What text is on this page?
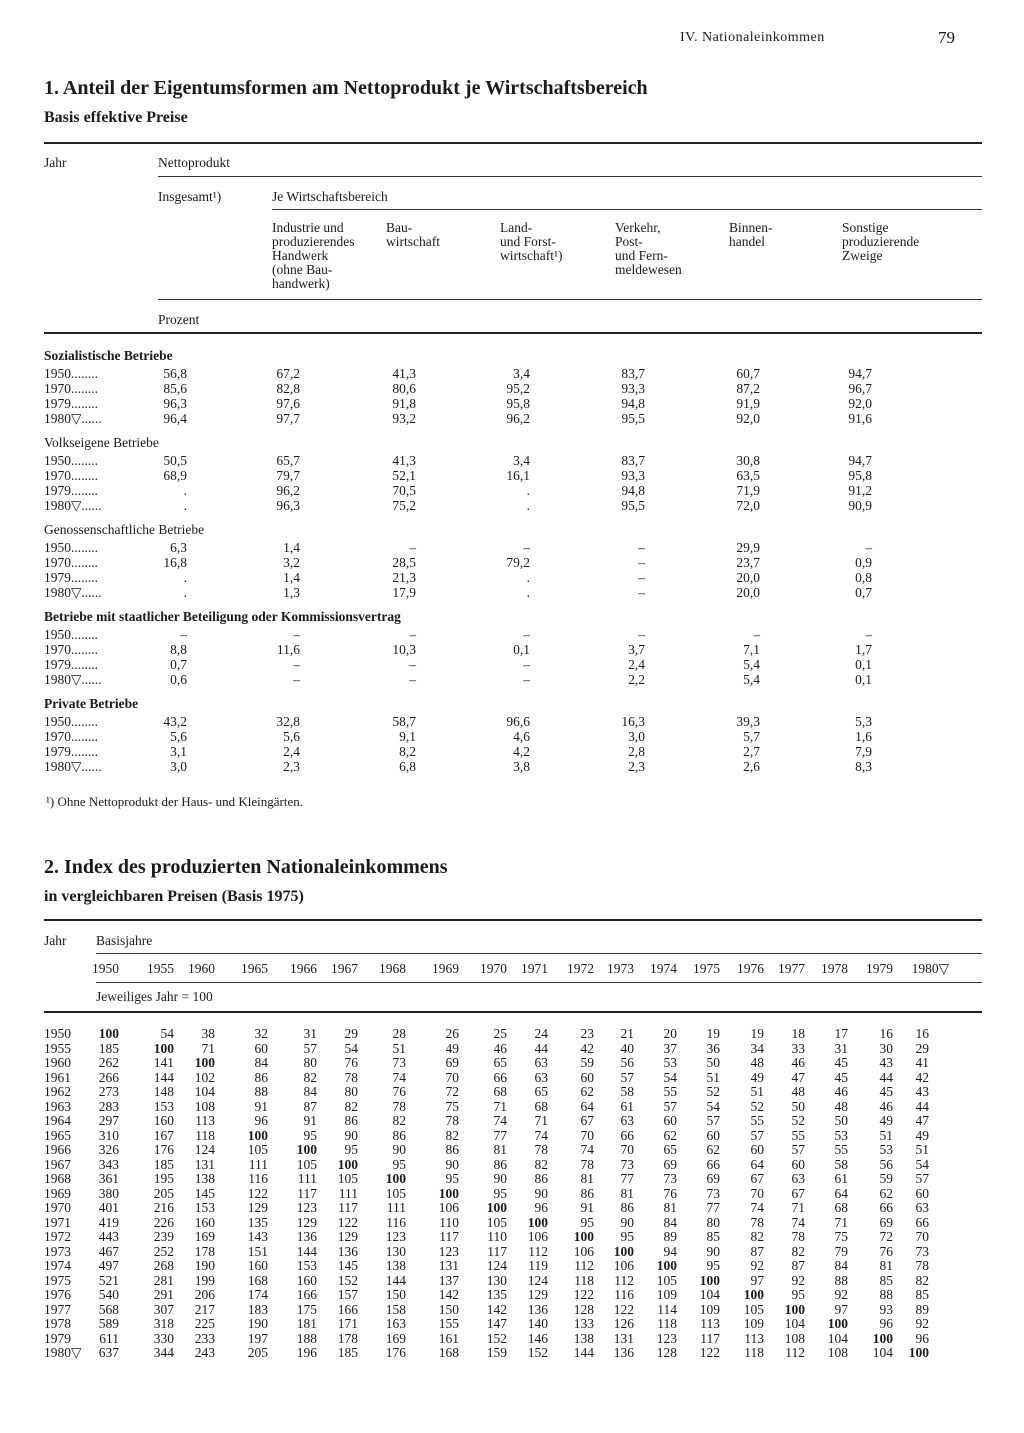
IV. Nationaleinkommen	79
1. Anteil der Eigentumsformen am Nettoprodukt je Wirtschaftsbereich
Basis effektive Preise
Jahr	Nettoprodukt
Insgesamt¹)	Je Wirtschaftsbereich
Industrie und
produzierendes
Handwerk
(ohne Bau-
handwerk)
Bau-
wirtschaft
Land-
und Forst-
wirtschaft¹)
Verkehr,
Post-
und Fern-
meldewesen
Binnen-
handel
Sonstige
produzierende
Zweige
Prozent
Sozialistische Betriebe
1950........	56,8	67,2	41,3	3,4	83,7	60,7	94,7
1970........	85,6	82,8	80,6	95,2	93,3	87,2	96,7
1979........	96,3	97,6	91,8	95,8	94,8	91,9	92,0
1980▽......	96,4	97,7	93,2	96,2	95,5	92,0	91,6
Volkseigene Betriebe
1950........	50,5	65,7	41,3	3,4	83,7	30,8	94,7
1970........	68,9	79,7	52,1	16,1	93,3	63,5	95,8
1979........	.	96,2	70,5	.	94,8	71,9	91,2
1980▽......	.	96,3	75,2	.	95,5	72,0	90,9
Genossenschaftliche Betriebe
1950........	6,3	1,4	–	–	–	29,9	–
1970........	16,8	3,2	28,5	79,2	–	23,7	0,9
1979........	.	1,4	21,3	.	–	20,0	0,8
1980▽......	.	1,3	17,9	.	–	20,0	0,7
Betriebe mit staatlicher Beteiligung oder Kommissionsvertrag
1950........	–	–	–	–	–	–	–
1970........	8,8	11,6	10,3	0,1	3,7	7,1	1,7
1979........	0,7	–	–	–	2,4	5,4	0,1
1980▽......	0,6	–	–	–	2,2	5,4	0,1
Private Betriebe
1950........	43,2	32,8	58,7	96,6	16,3	39,3	5,3
1970........	5,6	5,6	9,1	4,6	3,0	5,7	1,6
1979........	3,1	2,4	8,2	4,2	2,8	2,7	7,9
1980▽......	3,0	2,3	6,8	3,8	2,3	2,6	8,3
¹) Ohne Nettoprodukt der Haus- und Kleingärten.
2. Index des produzierten Nationaleinkommens
in vergleichbaren Preisen (Basis 1975)
Jahr Basisjahre
1950	1955	1960	1965	1966	1967	1968	1969	1970	1971	1972 1973	1974	1975	1976	1977	1978	1979 1980▽
Jeweiliges Jahr = 100
1950	100	54	38	32	31	29	28	26	25	24	23	21	20	19	19	18	17	16	16
1955	185	100	71	60	57	54	51	49	46	44	42	40	37	36	34	33	31	30	29
1960	262	141	100	84	80	76	73	69	65	63	59	56	53	50	48	46	45	43	41
1961	266	144	102	86	82	78	74	70	66	63	60	57	54	51	49	47	45	44	42
1962	273	148	104	88	84	80	76	72	68	65	62	58	55	52	51	48	46	45	43
1963	283	153	108	91	87	82	78	75	71	68	64	61	57	54	52	50	48	46	44
1964	297	160	113	96	91	86	82	78	74	71	67	63	60	57	55	52	50	49	47
1965	310	167	118	100	95	90	86	82	77	74	70	66	62	60	57	55	53	51	49
1966	326	176	124	105	100	95	90	86	81	78	74	70	65	62	60	57	55	53	51
1967	343	185	131	111	105	100	95	90	86	82	78	73	69	66	64	60	58	56	54
1968	361	195	138	116	111	105	100	95	90	86	81	77	73	69	67	63	61	59	57
1969	380	205	145	122	117	111	105	100	95	90	86	81	76	73	70	67	64	62	60
1970	401	216	153	129	123	117	111	106	100	96	91	86	81	77	74	71	68	66	63
1971	419	226	160	135	129	122	116	110	105	100	95	90	84	80	78	74	71	69	66
1972	443	239	169	143	136	129	123	117	110	106	100	95	89	85	82	78	75	72	70
1973	467	252	178	151	144	136	130	123	117	112	106	100	94	90	87	82	79	76	73
1974	497	268	190	160	153	145	138	131	124	119	112	106	100	95	92	87	84	81	78
1975	521	281	199	168	160	152	144	137	130	124	118	112	105	100	97	92	88	85	82
1976	540	291	206	174	166	157	150	142	135	129	122	116	109	104	100	95	92	88	85
1977	568	307	217	183	175	166	158	150	142	136	128	122	114	109	105	100	97	93	89
1978	589	318	225	190	181	171	163	155	147	140	133	126	118	113	109	104	100	96	92
1979	611	330	233	197	188	178	169	161	152	146	138	131	123	117	113	108	104	100	96
1980▽	637	344	243	205	196	185	176	168	159	152	144	136	128	122	118	112	108	104	100
